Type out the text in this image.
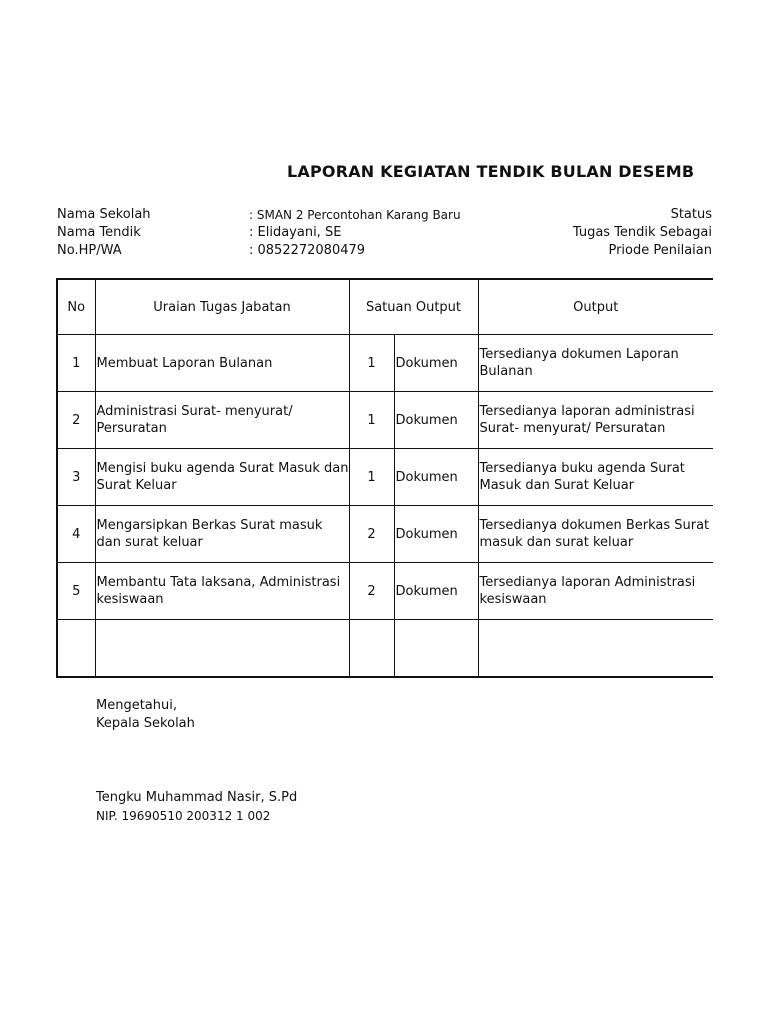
LAPORAN KEGIATAN TENDIK BULAN DESEMB
Nama Sekolah	: SMAN 2 Percontohan Karang Baru	Status
Nama Tendik	: Elidayani, SE	Tugas Tendik Sebagai
No.HP/WA	: 0852272080479	Priode Penilaian
No	Uraian Tugas Jabatan	Satuan Output		Output
1	Membuat Laporan Bulanan	1	Dokumen	Tersedianya dokumen Laporan Bulanan
2	Administrasi Surat- menyurat/ Persuratan	1	Dokumen	Tersedianya laporan administrasi Surat- menyurat/ Persuratan
3	Mengisi buku agenda Surat Masuk dan Surat Keluar	1	Dokumen	Tersedianya buku agenda Surat Masuk dan Surat Keluar
4	Mengarsipkan Berkas Surat masuk dan surat keluar	2	Dokumen	Tersedianya dokumen Berkas Surat masuk dan surat keluar
5	Membantu Tata laksana, Administrasi kesiswaan	2	Dokumen	Tersedianya laporan Administrasi kesiswaan

Mengetahui,
Kepala Sekolah
Tengku Muhammad Nasir, S.Pd
NIP. 19690510 200312 1 002
